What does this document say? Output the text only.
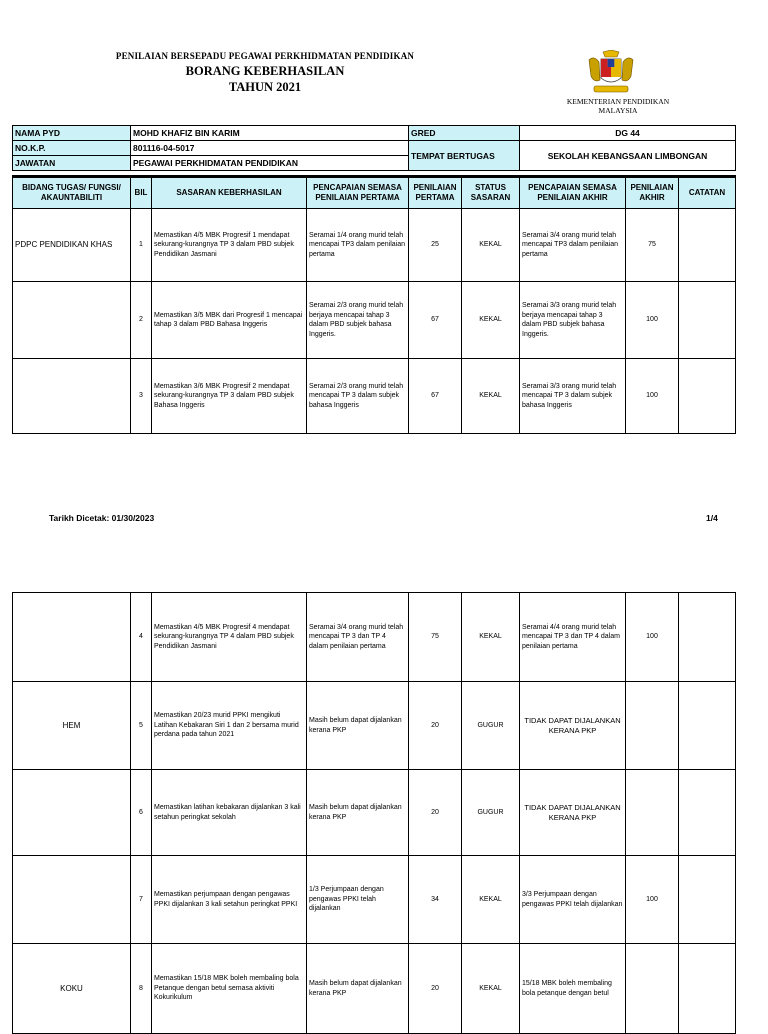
PENILAIAN BERSEPADU PEGAWAI PERKHIDMATAN PENDIDIKAN
BORANG KEBERHASILAN
TAHUN 2021
KEMENTERIAN PENDIDIKAN
MALAYSIA
NAMA PYD	MOHD KHAFIZ BIN KARIM	GRED	DG 44
NO.K.P.	801116-04-5017	TEMPAT BERTUGAS	SEKOLAH KEBANGSAAN LIMBONGAN
JAWATAN	PEGAWAI PERKHIDMATAN PENDIDIKAN		
BIDANG TUGAS/ FUNGSI/ AKAUNTABILITI	BIL	SASARAN KEBERHASILAN	PENCAPAIAN SEMASA PENILAIAN PERTAMA	PENILAIAN PERTAMA	STATUS SASARAN	PENCAPAIAN SEMASA PENILAIAN AKHIR	PENILAIAN AKHIR	CATATAN
PDPC PENDIDIKAN KHAS	1	Memastikan 4/5 MBK Progresif 1 mendapat sekurang-kurangnya TP 3 dalam PBD subjek Pendidikan Jasmani	Seramai 1/4 orang murid telah mencapai TP3 dalam penilaian pertama	25	KEKAL	Seramai 3/4 orang murid telah mencapai TP3 dalam penilaian pertama	75	
	2	Memastikan 3/5 MBK dari Progresif 1 mencapai tahap 3 dalam PBD Bahasa Inggeris	Seramai 2/3 orang murid telah berjaya mencapai tahap 3 dalam PBD subjek bahasa Inggeris.	67	KEKAL	Seramai 3/3 orang murid telah berjaya mencapai tahap 3 dalam PBD subjek bahasa Inggeris.	100	
	3	Memastikan 3/6 MBK Progresif 2 mendapat sekurang-kurangnya TP 3 dalam PBD subjek Bahasa Inggeris	Seramai 2/3 orang murid telah mencapai TP 3 dalam subjek bahasa Inggeris	67	KEKAL	Seramai 3/3 orang murid telah mencapai TP 3 dalam subjek bahasa Inggeris	100	
Tarikh Dicetak: 01/30/2023	1/4
	4	Memastikan 4/5 MBK Progresif 4 mendapat sekurang-kurangnya TP 4 dalam PBD subjek Pendidikan Jasmani	Seramai 3/4 orang murid telah mencapai TP 3 dan TP 4 dalam penilaian pertama	75	KEKAL	Seramai 4/4 orang murid telah mencapai TP 3 dan TP 4 dalam penilaian pertama	100	
HEM	5	Memastikan 20/23 murid PPKI mengikuti Latihan Kebakaran Siri 1 dan 2 bersama murid perdana pada tahun 2021	Masih belum dapat dijalankan kerana PKP	20	GUGUR	TIDAK DAPAT DIJALANKAN KERANA PKP		
	6	Memastikan latihan kebakaran dijalankan 3 kali setahun peringkat sekolah	Masih belum dapat dijalankan kerana PKP	20	GUGUR	TIDAK DAPAT DIJALANKAN KERANA PKP		
	7	Memastikan perjumpaan dengan pengawas PPKI dijalankan 3 kali setahun peringkat PPKI	1/3 Perjumpaan dengan pengawas PPKI telah dijalankan	34	KEKAL	3/3 Perjumpaan dengan pengawas PPKI telah dijalankan	100	
KOKU	8	Memastikan 15/18 MBK boleh membaling bola Petanque dengan betul semasa aktiviti Kokurikulum	Masih belum dapat dijalankan kerana PKP	20	KEKAL	15/18 MBK boleh membaling bola petanque dengan betul		
